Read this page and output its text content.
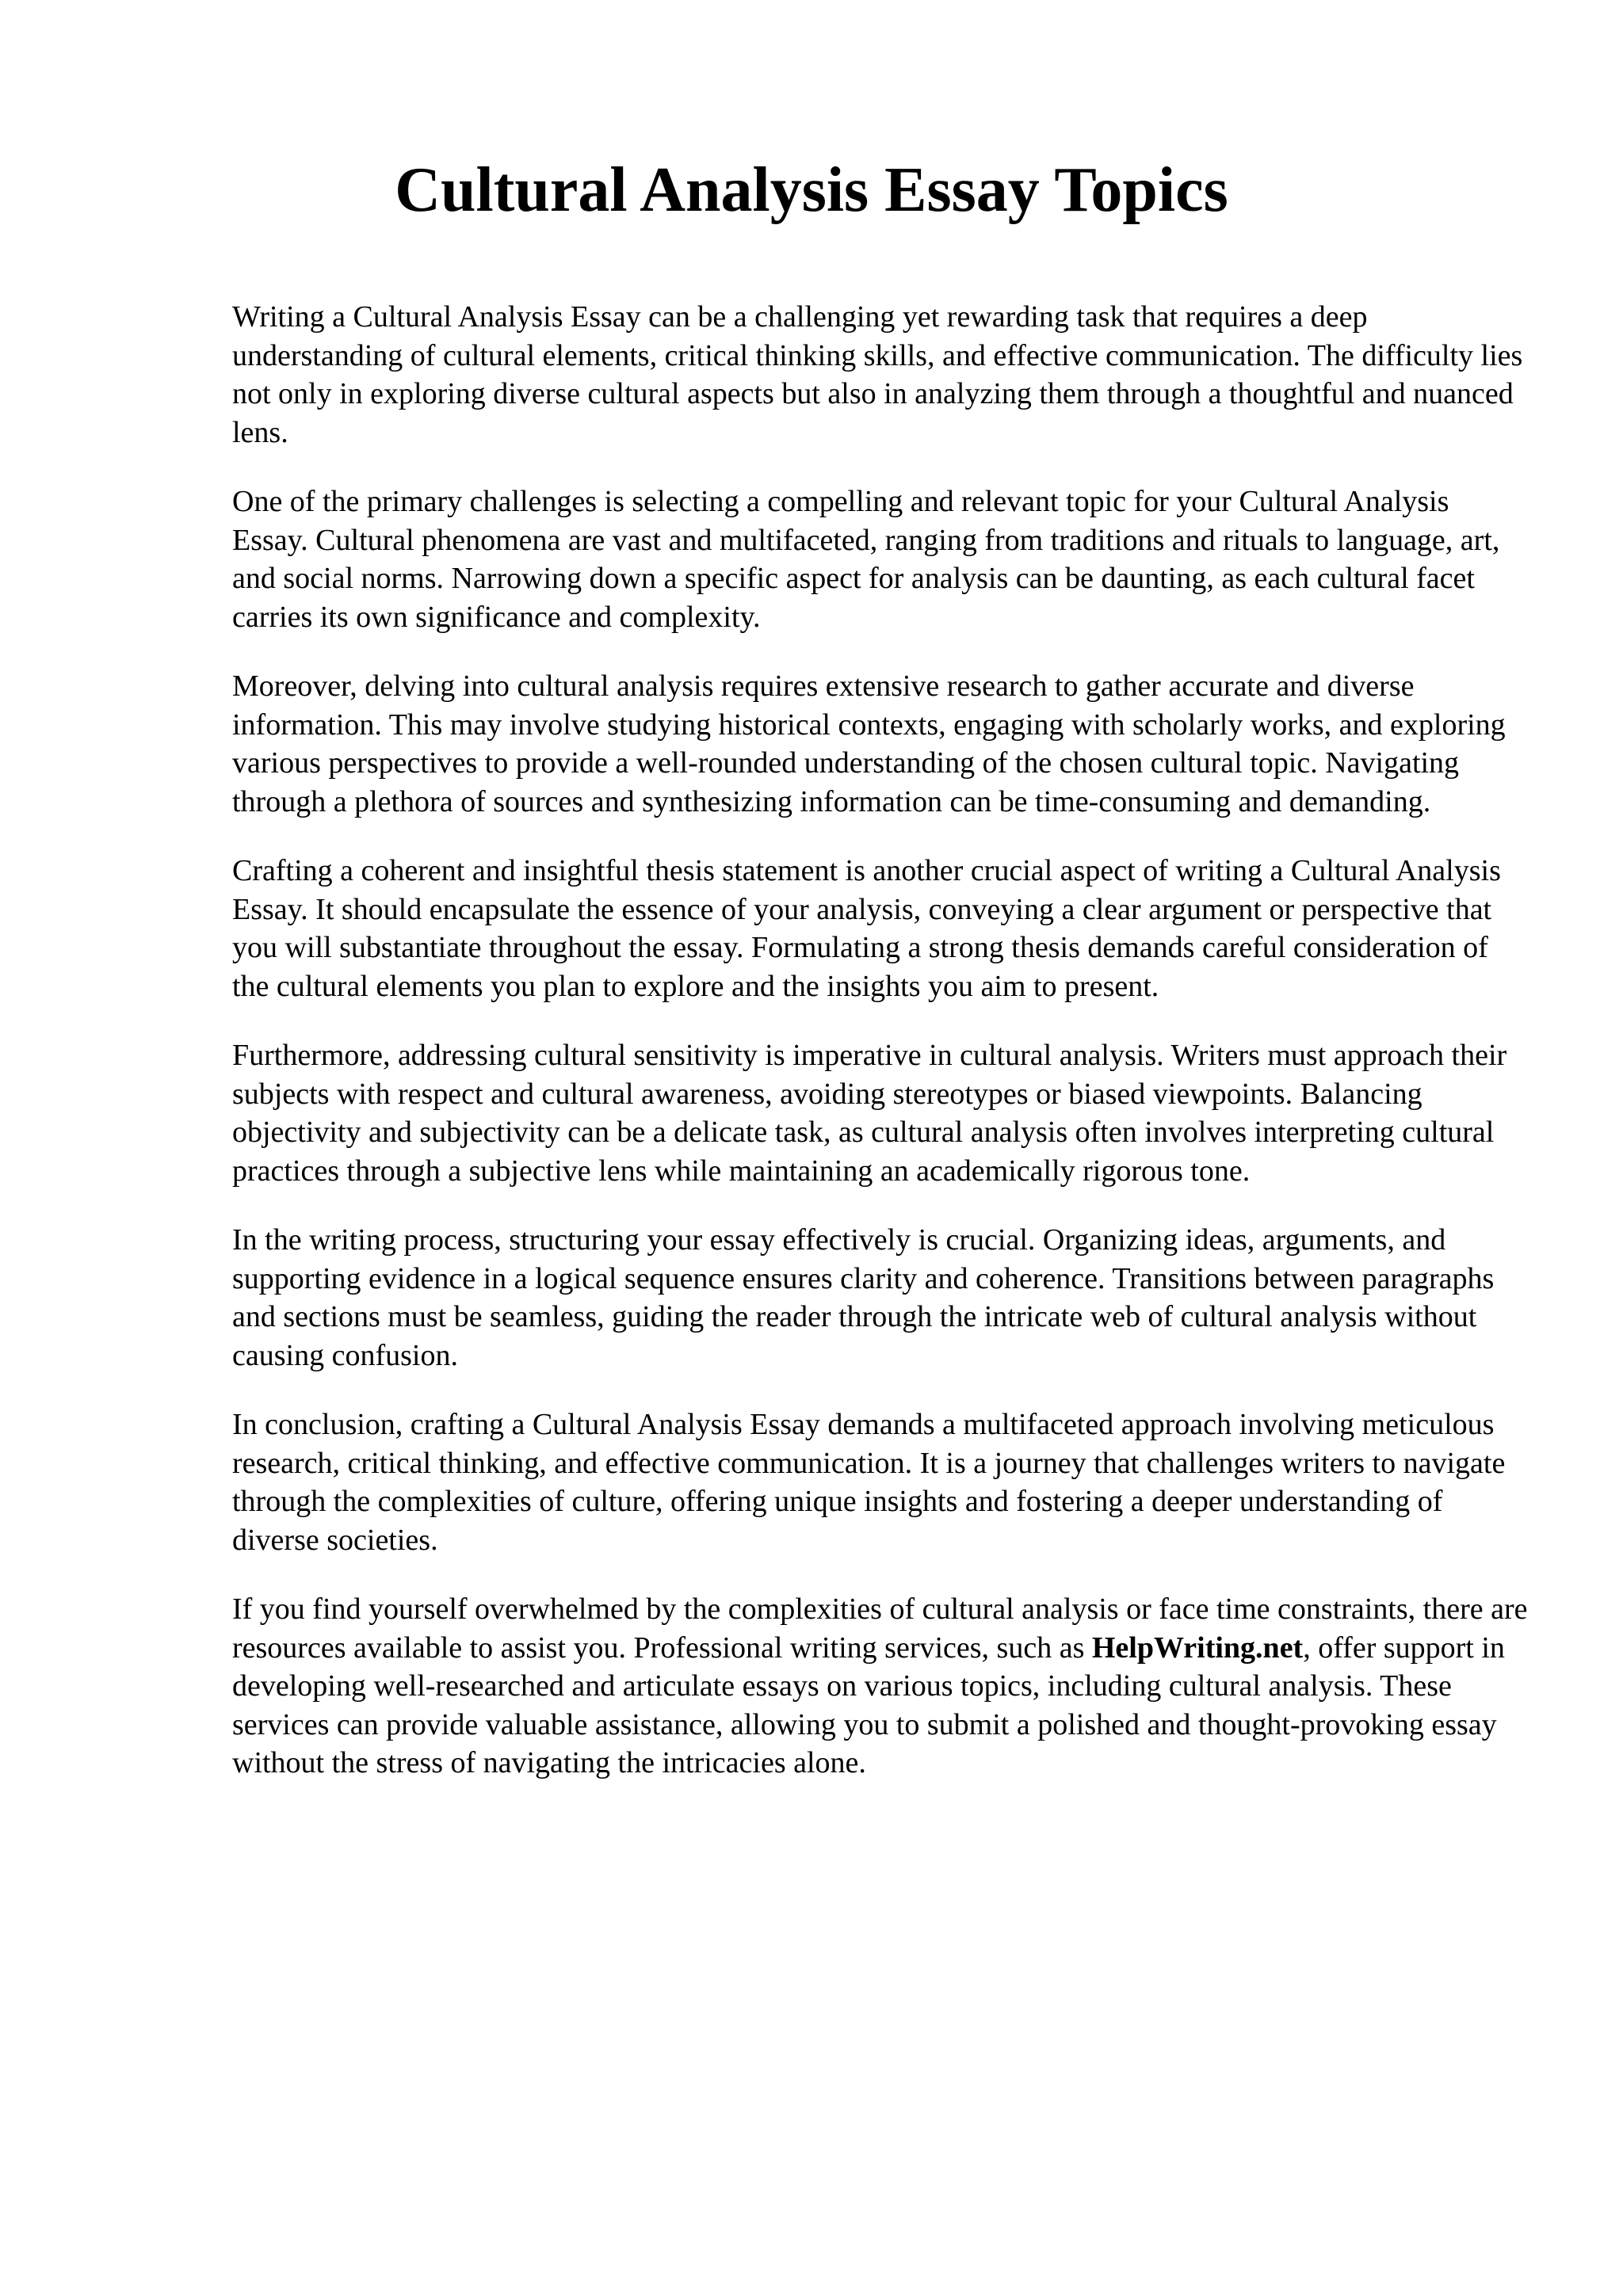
Cultural Analysis Essay Topics

Writing a Cultural Analysis Essay can be a challenging yet rewarding task that requires a deep understanding of cultural elements, critical thinking skills, and effective communication. The difficulty lies not only in exploring diverse cultural aspects but also in analyzing them through a thoughtful and nuanced lens.

One of the primary challenges is selecting a compelling and relevant topic for your Cultural Analysis Essay. Cultural phenomena are vast and multifaceted, ranging from traditions and rituals to language, art, and social norms. Narrowing down a specific aspect for analysis can be daunting, as each cultural facet carries its own significance and complexity.

Moreover, delving into cultural analysis requires extensive research to gather accurate and diverse information. This may involve studying historical contexts, engaging with scholarly works, and exploring various perspectives to provide a well-rounded understanding of the chosen cultural topic. Navigating through a plethora of sources and synthesizing information can be time-consuming and demanding.

Crafting a coherent and insightful thesis statement is another crucial aspect of writing a Cultural Analysis Essay. It should encapsulate the essence of your analysis, conveying a clear argument or perspective that you will substantiate throughout the essay. Formulating a strong thesis demands careful consideration of the cultural elements you plan to explore and the insights you aim to present.

Furthermore, addressing cultural sensitivity is imperative in cultural analysis. Writers must approach their subjects with respect and cultural awareness, avoiding stereotypes or biased viewpoints. Balancing objectivity and subjectivity can be a delicate task, as cultural analysis often involves interpreting cultural practices through a subjective lens while maintaining an academically rigorous tone.

In the writing process, structuring your essay effectively is crucial. Organizing ideas, arguments, and supporting evidence in a logical sequence ensures clarity and coherence. Transitions between paragraphs and sections must be seamless, guiding the reader through the intricate web of cultural analysis without causing confusion.

In conclusion, crafting a Cultural Analysis Essay demands a multifaceted approach involving meticulous research, critical thinking, and effective communication. It is a journey that challenges writers to navigate through the complexities of culture, offering unique insights and fostering a deeper understanding of diverse societies.

If you find yourself overwhelmed by the complexities of cultural analysis or face time constraints, there are resources available to assist you. Professional writing services, such as HelpWriting.net, offer support in developing well-researched and articulate essays on various topics, including cultural analysis. These services can provide valuable assistance, allowing you to submit a polished and thought-provoking essay without the stress of navigating the intricacies alone.
